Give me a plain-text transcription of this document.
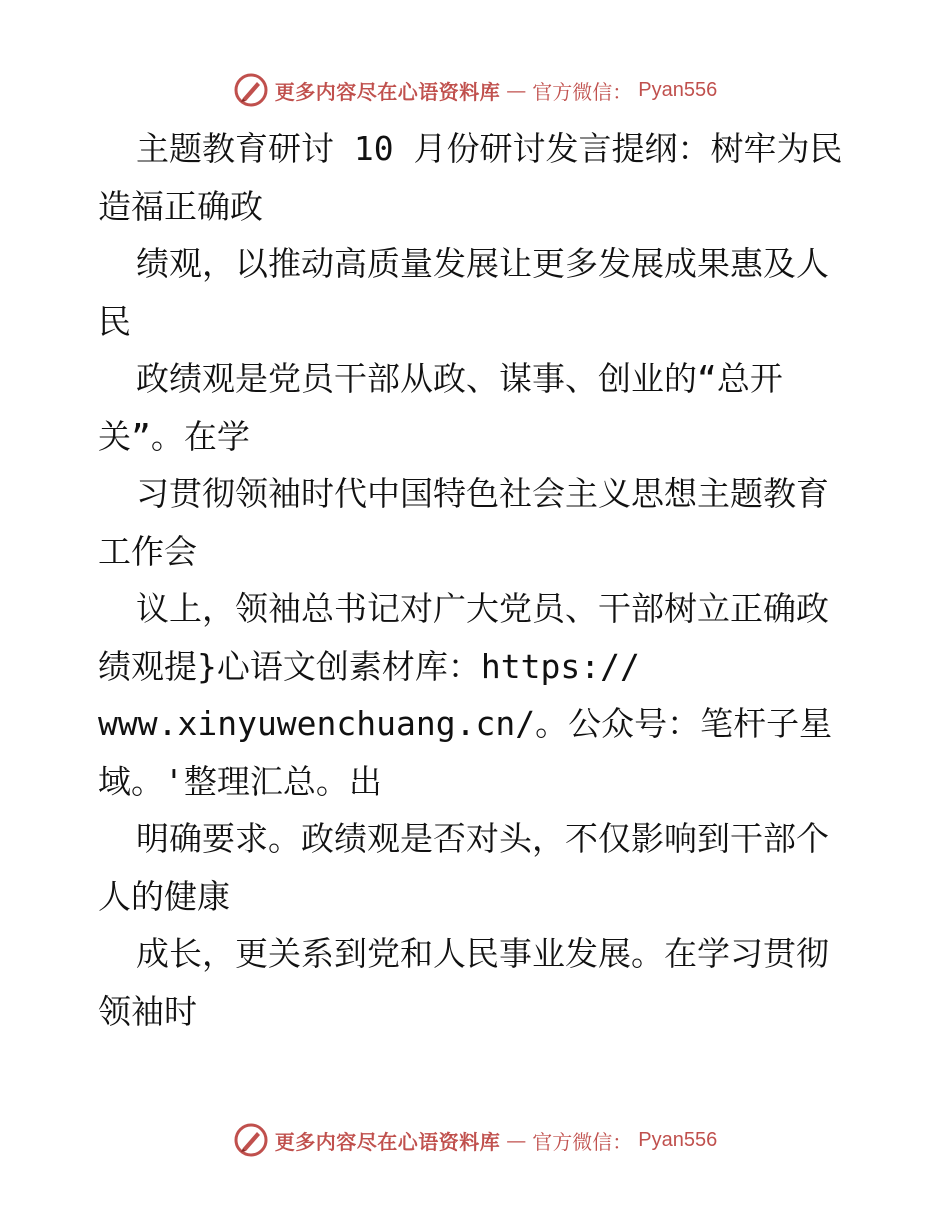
更多内容尽在心语资料库 — 官方微信： Pyan556
主题教育研讨 10 月份研讨发言提纲：树牢为民
造福正确政
绩观，以推动高质量发展让更多发展成果惠及人
民
政绩观是党员干部从政、谋事、创业的“总开
关”。在学
习贯彻领袖时代中国特色社会主义思想主题教育
工作会
议上，领袖总书记对广大党员、干部树立正确政
绩观提}心语文创素材库：https://
www.xinyuwenchuang.cn/。公众号：笔杆子星
域。'整理汇总。出
明确要求。政绩观是否对头，不仅影响到干部个
人的健康
成长，更关系到党和人民事业发展。在学习贯彻
领袖时
更多内容尽在心语资料库 — 官方微信： Pyan556
